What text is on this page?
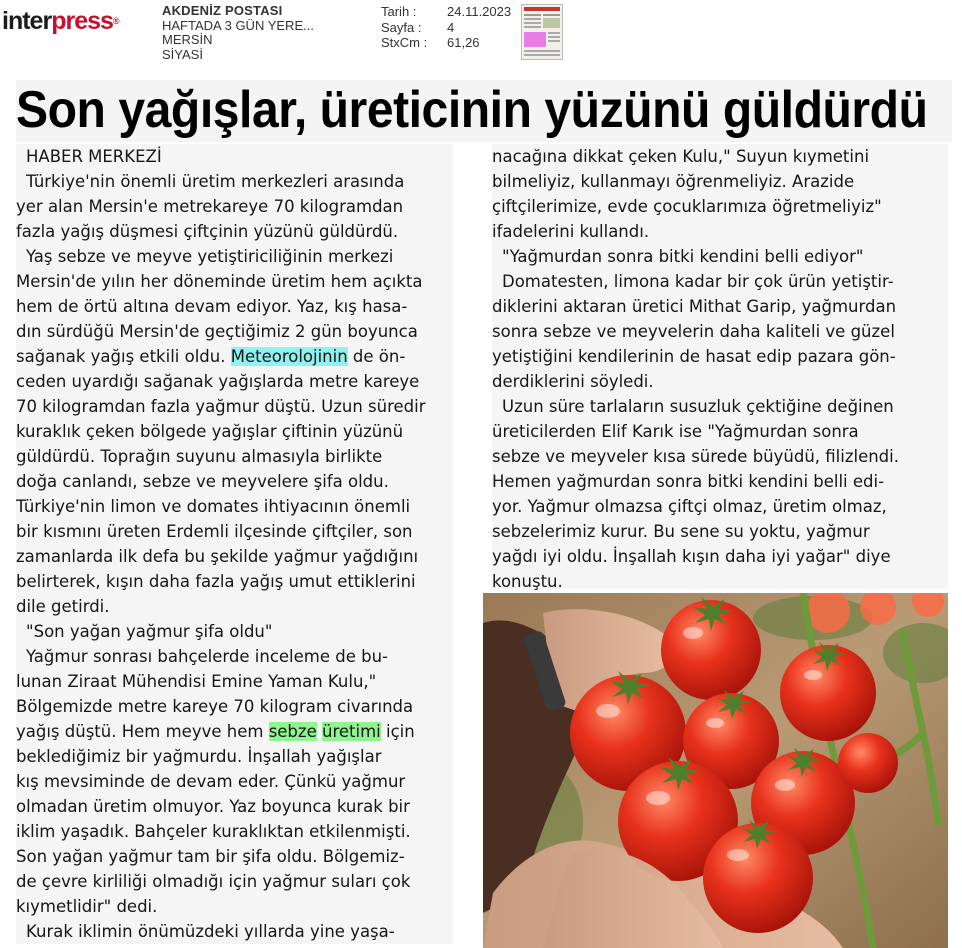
interpress®
AKDENİZ POSTASI
HAFTADA 3 GÜN YERE...
MERSİN
SİYASİ
Tarih :	24.11.2023
Sayfa :	4
StxCm :	61,26
Son yağışlar, üreticinin yüzünü güldürdü

HABER MERKEZİ

Türkiye'nin önemli üretim merkezleri arasında

yer alan Mersin'e metrekareye 70 kilogramdan

fazla yağış düşmesi çiftçinin yüzünü güldürdü.

Yaş sebze ve meyve yetiştiriciliğinin merkezi

Mersin'de yılın her döneminde üretim hem açıkta

hem de örtü altına devam ediyor. Yaz, kış hasa-

dın sürdüğü Mersin'de geçtiğimiz 2 gün boyunca

sağanak yağış etkili oldu. Meteorolojinin de ön-

ceden uyardığı sağanak yağışlarda metre kareye

70 kilogramdan fazla yağmur düştü. Uzun süredir

kuraklık çeken bölgede yağışlar çiftinin yüzünü

güldürdü. Toprağın suyunu almasıyla birlikte

doğa canlandı, sebze ve meyvelere şifa oldu.

Türkiye'nin limon ve domates ihtiyacının önemli

bir kısmını üreten Erdemli ilçesinde çiftçiler, son

zamanlarda ilk defa bu şekilde yağmur yağdığını

belirterek, kışın daha fazla yağış umut ettiklerini

dile getirdi.

"Son yağan yağmur şifa oldu"

Yağmur sonrası bahçelerde inceleme de bu-

lunan Ziraat Mühendisi Emine Yaman Kulu,"

Bölgemizde metre kareye 70 kilogram civarında

yağış düştü. Hem meyve hem sebze üretimi için

beklediğimiz bir yağmurdu. İnşallah yağışlar

kış mevsiminde de devam eder. Çünkü yağmur

olmadan üretim olmuyor. Yaz boyunca kurak bir

iklim yaşadık. Bahçeler kuraklıktan etkilenmişti.

Son yağan yağmur tam bir şifa oldu. Bölgemiz-

de çevre kirliliği olmadığı için yağmur suları çok

kıymetlidir" dedi.

Kurak iklimin önümüzdeki yıllarda yine yaşa-

nacağına dikkat çeken Kulu," Suyun kıymetini

bilmeliyiz, kullanmayı öğrenmeliyiz. Arazide

çiftçilerimize, evde çocuklarımıza öğretmeliyiz"

ifadelerini kullandı.

"Yağmurdan sonra bitki kendini belli ediyor"

Domatesten, limona kadar bir çok ürün yetiştir-

diklerini aktaran üretici Mithat Garip, yağmurdan

sonra sebze ve meyvelerin daha kaliteli ve güzel

yetiştiğini kendilerinin de hasat edip pazara gön-

derdiklerini söyledi.

Uzun süre tarlaların susuzluk çektiğine değinen

üreticilerden Elif Karık ise "Yağmurdan sonra

sebze ve meyveler kısa sürede büyüdü, filizlendi.

Hemen yağmurdan sonra bitki kendini belli edi-

yor. Yağmur olmazsa çiftçi olmaz, üretim olmaz,

sebzelerimiz kurur. Bu sene su yoktu, yağmur

yağdı iyi oldu. İnşallah kışın daha iyi yağar" diye

konuştu.
